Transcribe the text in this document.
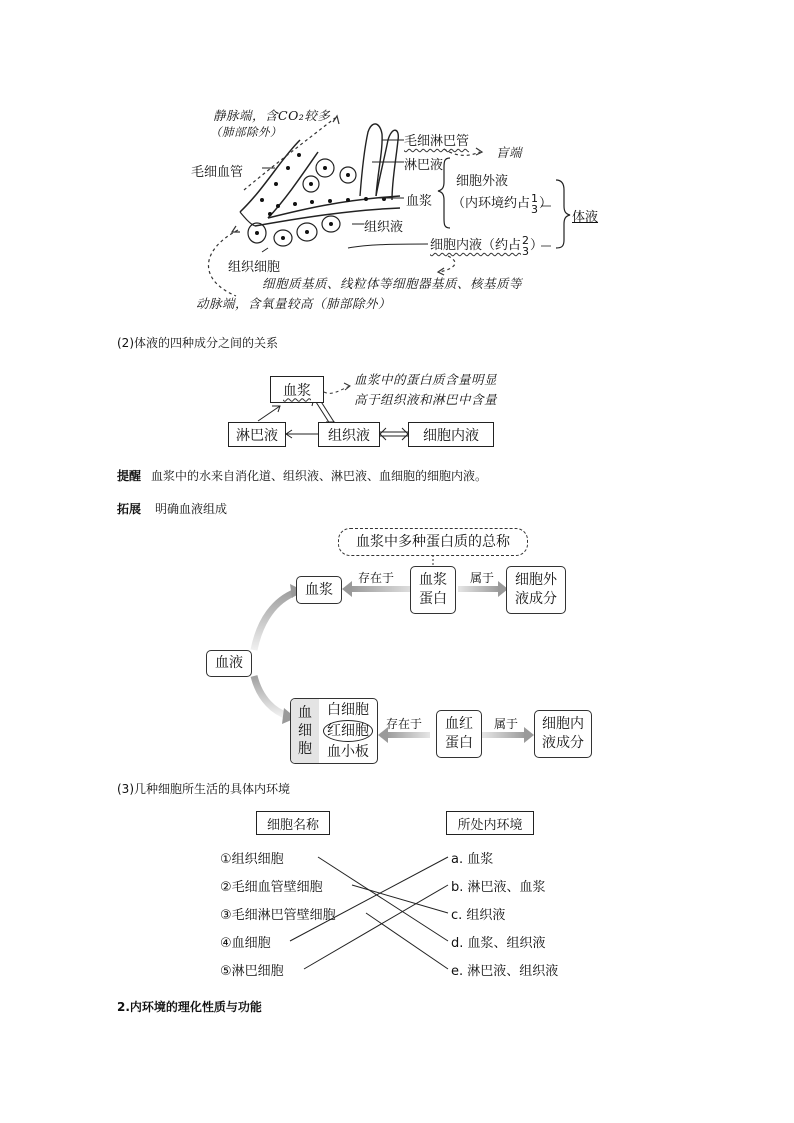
静脉端，含CO₂较多
（肺部除外）
毛细淋巴管
盲端
毛细血管	淋巴液
血浆
组织液
细胞外液
（内环境约占1
3）
体液
细胞内液（约占2
3）
组织细胞
细胞质基质、线粒体等细胞器基质、核基质等
动脉端，含氧量较高（肺部除外）
(2)体液的四种成分之间的关系
血浆
淋巴液	组织液	细胞内液
血浆中的蛋白质含量明显
高于组织液和淋巴中含量
提醒 血浆中的水来自消化道、组织液、淋巴液、血细胞的细胞内液。
拓展 明确血液组成
血浆中多种蛋白质的总称
血浆
存在于 血浆
蛋白
属于 细胞外
液成分
血液
血
细
胞
白细胞
红细胞
血小板
存在于 血红
蛋白
属于 细胞内
液成分
(3)几种细胞所生活的具体内环境
细胞名称	所处内环境
①组织细胞
②毛细血管壁细胞
③毛细淋巴管壁细胞
④血细胞
⑤淋巴细胞
a. 血浆
b. 淋巴液、血浆
c. 组织液
d. 血浆、组织液
e. 淋巴液、组织液
2.内环境的理化性质与功能
